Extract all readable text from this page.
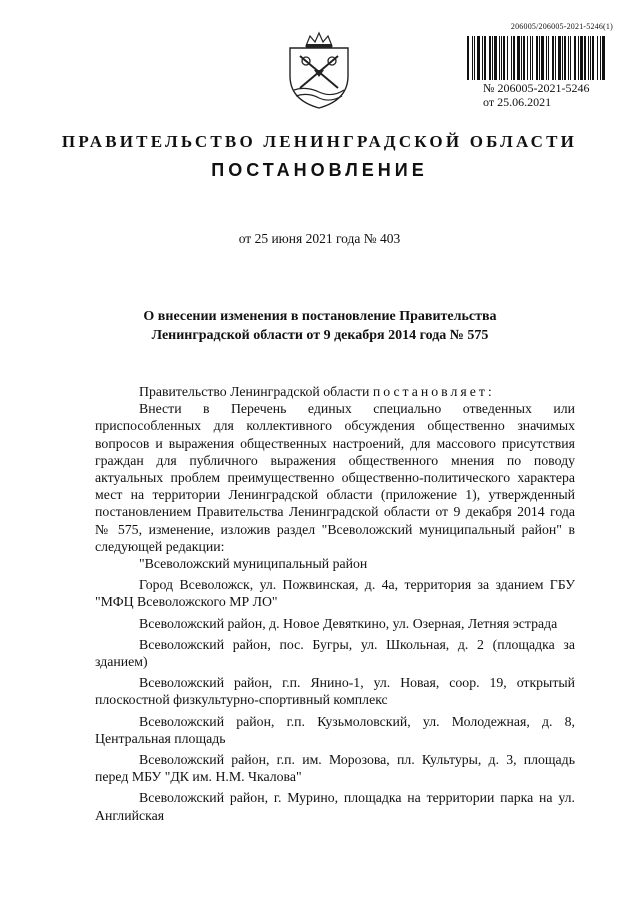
206005/206005-2021-5246(1)
№ 206005-2021-5246
от 25.06.2021
ПРАВИТЕЛЬСТВО ЛЕНИНГРАДСКОЙ ОБЛАСТИ
ПОСТАНОВЛЕНИЕ
от 25 июня 2021 года № 403
О внесении изменения в постановление Правительства
Ленинградской области от 9 декабря 2014 года № 575

Правительство Ленинградской области постановляет:

Внести в Перечень единых специально отведенных или приспособленных для коллективного обсуждения общественно значимых вопросов и выражения общественных настроений, для массового присутствия граждан для публичного выражения общественного мнения по поводу актуальных проблем преимущественно общественно-политического характера мест на территории Ленинградской области (приложение 1), утвержденный постановлением Правительства Ленинградской области от 9 декабря 2014 года № 575, изменение, изложив раздел "Всеволожский муниципальный район" в следующей редакции:

"Всеволожский муниципальный район

Город Всеволожск, ул. Пожвинская, д. 4а, территория за зданием ГБУ "МФЦ Всеволожского МР ЛО"

Всеволожский район, д. Новое Девяткино, ул. Озерная, Летняя эстрада

Всеволожский район, пос. Бугры, ул. Школьная, д. 2 (площадка за зданием)

Всеволожский район, г.п. Янино-1, ул. Новая, соор. 19, открытый плоскостной физкультурно-спортивный комплекс

Всеволожский район, г.п. Кузьмоловский, ул. Молодежная, д. 8, Центральная площадь

Всеволожский район, г.п. им. Морозова, пл. Культуры, д. 3, площадь перед МБУ "ДК им. Н.М. Чкалова"

Всеволожский район, г. Мурино, площадка на территории парка на ул. Английская
